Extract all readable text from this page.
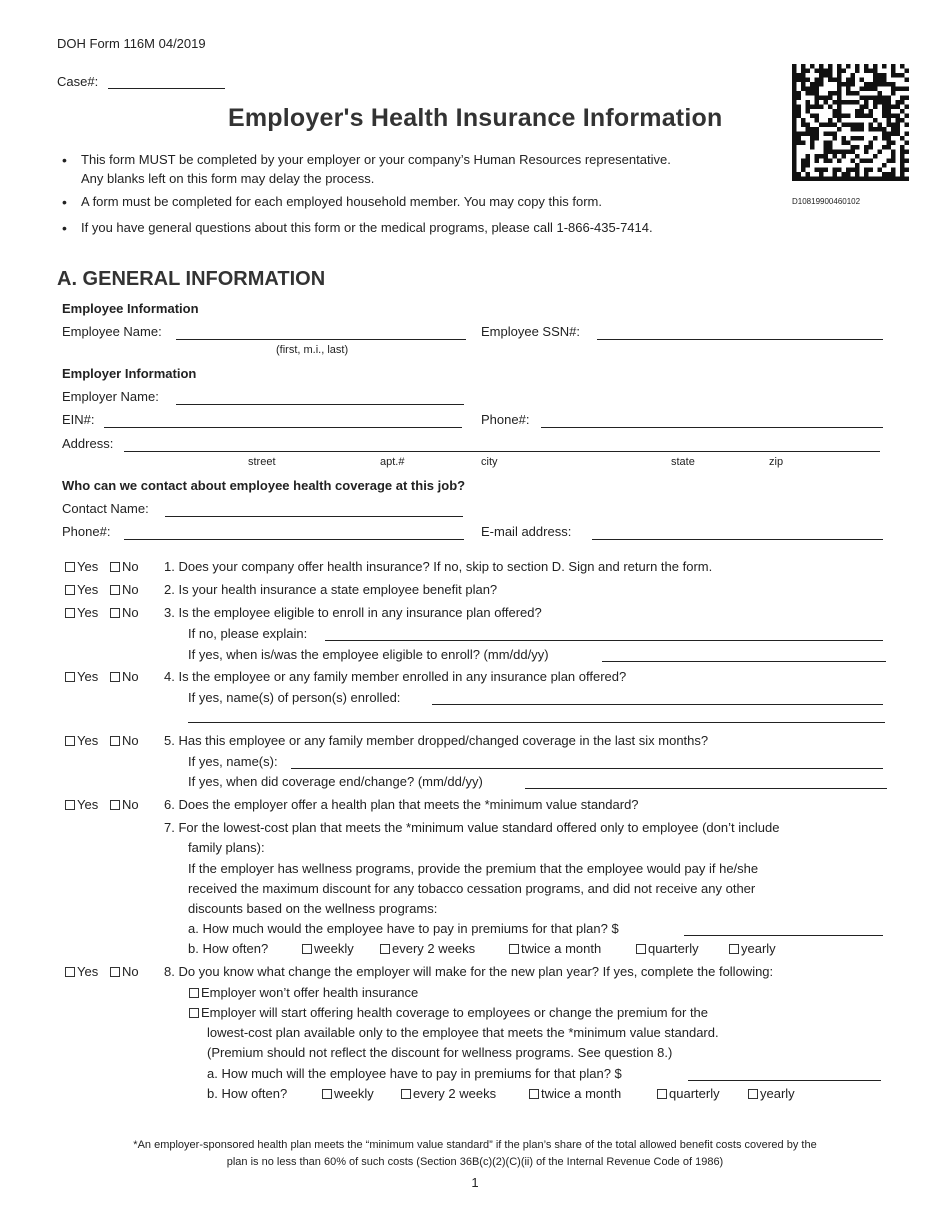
DOH Form 116M 04/2019
Case#:
Employer's Health Insurance Information
D10819900460102
• This form MUST be completed by your employer or your company’s Human Resources representative.
Any blanks left on this form may delay the process.
• A form must be completed for each employed household member. You may copy this form.
• If you have general questions about this form or the medical programs, please call 1-866-435-7414.
A. GENERAL INFORMATION
Employee Information
Employee Name:
(first, m.i., last)
Employee SSN#:
Employer Information
Employer Name:
EIN#:	Phone#:
Address:
street	apt.#	city	state	zip
Who can we contact about employee health coverage at this job?
Contact Name:
Phone#:	E-mail address:
Yes	No 1. Does your company offer health insurance? If no, skip to section D. Sign and return the form.
Yes	No 2. Is your health insurance a state employee benefit plan?
Yes	No 3. Is the employee eligible to enroll in any insurance plan offered?
If no, please explain:
If yes, when is/was the employee eligible to enroll? (mm/dd/yy)
Yes	No 4. Is the employee or any family member enrolled in any insurance plan offered?
If yes, name(s) of person(s) enrolled:
Yes	No 5. Has this employee or any family member dropped/changed coverage in the last six months?
If yes, name(s):
If yes, when did coverage end/change? (mm/dd/yy)
Yes	No 6. Does the employer offer a health plan that meets the *minimum value standard?
7. For the lowest-cost plan that meets the *minimum value standard offered only to employee (don’t include
family plans):
If the employer has wellness programs, provide the premium that the employee would pay if he/she
received the maximum discount for any tobacco cessation programs, and did not receive any other
discounts based on the wellness programs:
a. How much would the employee have to pay in premiums for that plan? $
b. How often?	weekly	every 2 weeks	twice a month	quarterly	yearly
Yes	No 8. Do you know what change the employer will make for the new plan year? If yes, complete the following:
Employer won’t offer health insurance
Employer will start offering health coverage to employees or change the premium for the
lowest-cost plan available only to the employee that meets the *minimum value standard.
(Premium should not reflect the discount for wellness programs. See question 8.)
a. How much will the employee have to pay in premiums for that plan? $
b. How often?	weekly	every 2 weeks	twice a month	quarterly	yearly
*An employer-sponsored health plan meets the “minimum value standard” if the plan’s share of the total allowed benefit costs covered by the
plan is no less than 60% of such costs (Section 36B(c)(2)(C)(ii) of the Internal Revenue Code of 1986)
1
